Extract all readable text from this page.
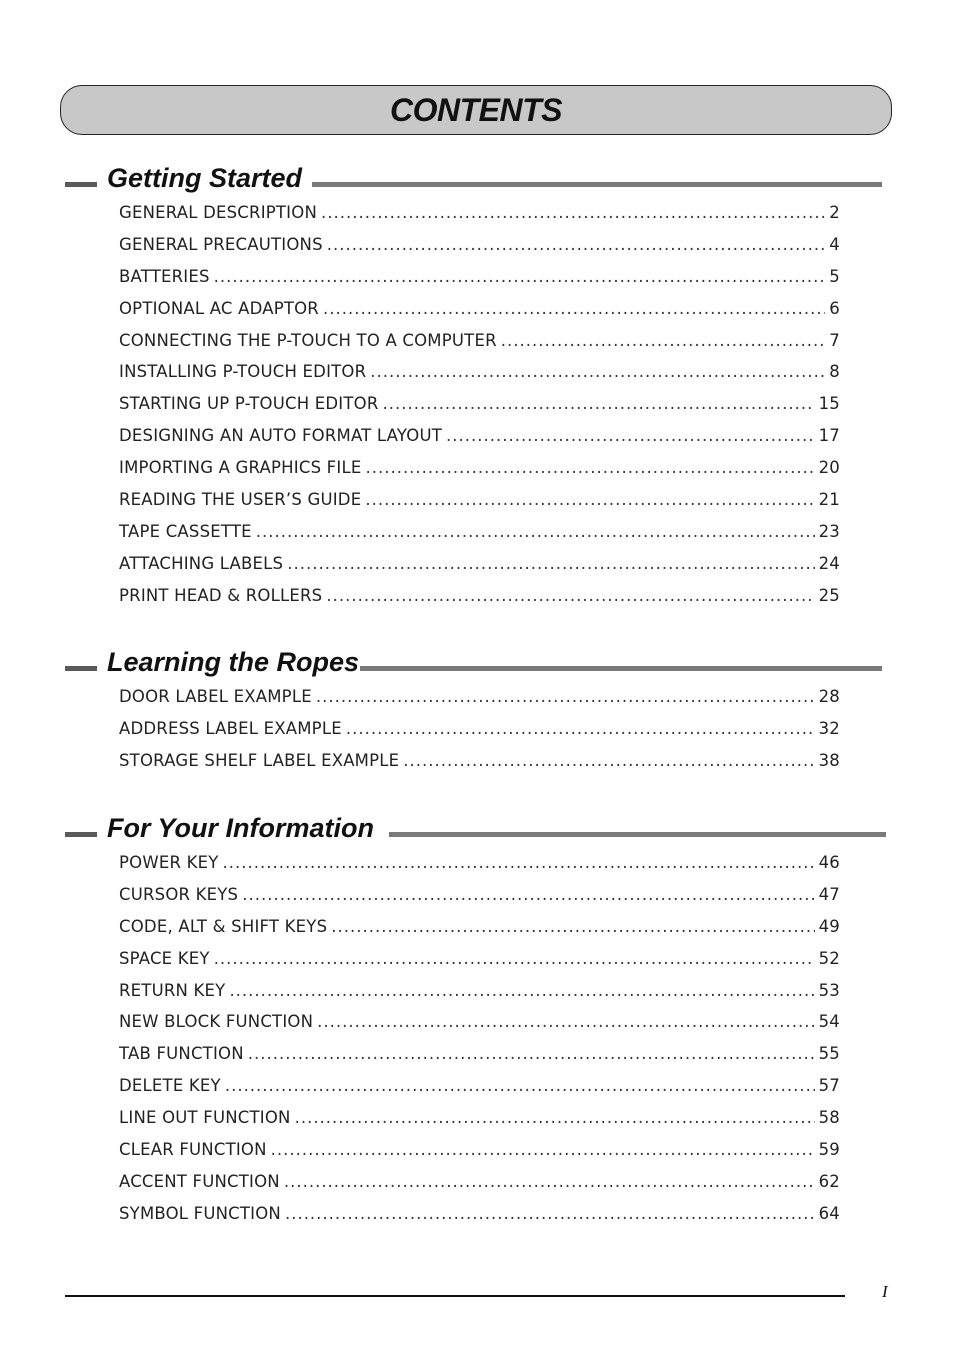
CONTENTS
Getting Started
GENERAL DESCRIPTION .....	2
GENERAL PRECAUTIONS .....	4
BATTERIES .....	5
OPTIONAL AC ADAPTOR .....	6
CONNECTING THE P-TOUCH TO A COMPUTER .....	7
INSTALLING P-TOUCH EDITOR .....	8
STARTING UP P-TOUCH EDITOR .....	15
DESIGNING AN AUTO FORMAT LAYOUT .....	17
IMPORTING A GRAPHICS FILE .....	20
READING THE USER’S GUIDE .....	21
TAPE CASSETTE .....	23
ATTACHING LABELS .....	24
PRINT HEAD & ROLLERS .....	25
Learning the Ropes
DOOR LABEL EXAMPLE .....	28
ADDRESS LABEL EXAMPLE .....	32
STORAGE SHELF LABEL EXAMPLE .....	38
For Your Information
POWER KEY .....	46
CURSOR KEYS .....	47
CODE, ALT & SHIFT KEYS .....	49
SPACE KEY .....	52
RETURN KEY .....	53
NEW BLOCK FUNCTION .....	54
TAB FUNCTION .....	55
DELETE KEY .....	57
LINE OUT FUNCTION .....	58
CLEAR FUNCTION .....	59
ACCENT FUNCTION .....	62
SYMBOL FUNCTION .....	64
I
